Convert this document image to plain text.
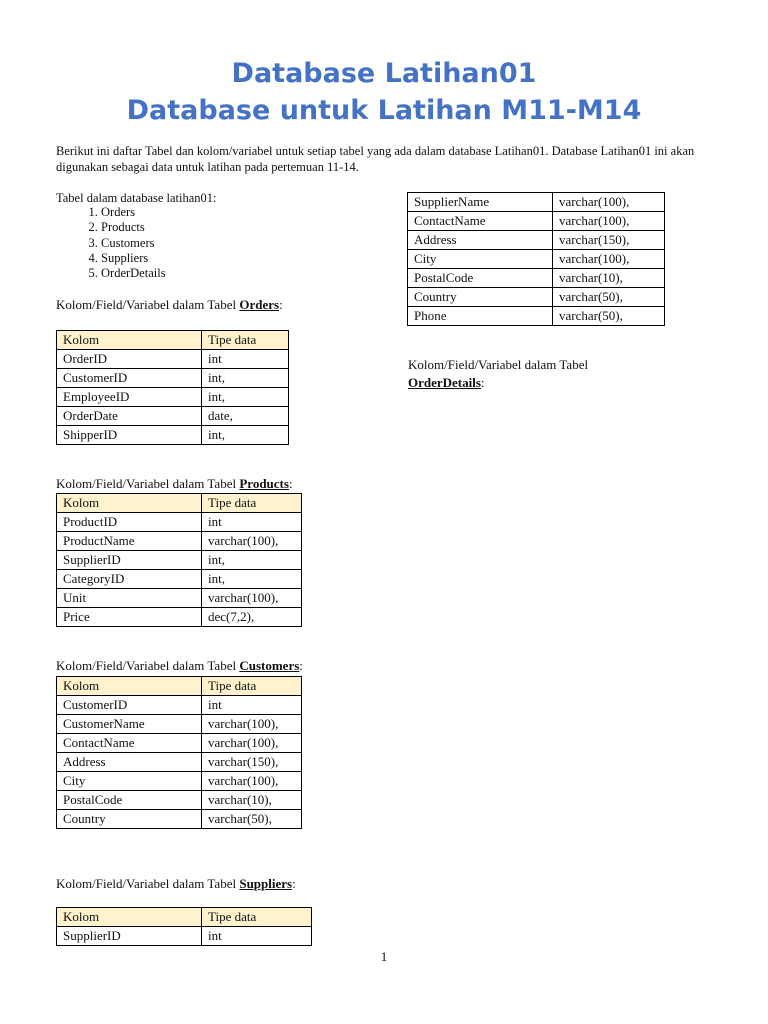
Database Latihan01
Database untuk Latihan M11-M14
Berikut ini daftar Tabel dan kolom/variabel untuk setiap tabel yang ada dalam database Latihan01. Database Latihan01 ini akan digunakan sebagai data untuk latihan pada pertemuan 11-14.
Tabel dalam database latihan01:
1. Orders
2. Products
3. Customers
4. Suppliers
5. OrderDetails
Kolom/Field/Variabel dalam Tabel Orders:
Kolom	Tipe data
OrderID	int
CustomerID	int,
EmployeeID	int,
OrderDate	date,
ShipperID	int,
Kolom/Field/Variabel dalam Tabel Products:
Kolom	Tipe data
ProductID	int
ProductName	varchar(100),
SupplierID	int,
CategoryID	int,
Unit	varchar(100),
Price	dec(7,2),
Kolom/Field/Variabel dalam Tabel Customers:
Kolom	Tipe data
CustomerID	int
CustomerName	varchar(100),
ContactName	varchar(100),
Address	varchar(150),
City	varchar(100),
PostalCode	varchar(10),
Country	varchar(50),
Kolom/Field/Variabel dalam Tabel Suppliers:
Kolom	Tipe data
SupplierID	int
SupplierName	varchar(100),
ContactName	varchar(100),
Address	varchar(150),
City	varchar(100),
PostalCode	varchar(10),
Country	varchar(50),
Phone	varchar(50),
Kolom/Field/Variabel dalam Tabel
OrderDetails:
1
